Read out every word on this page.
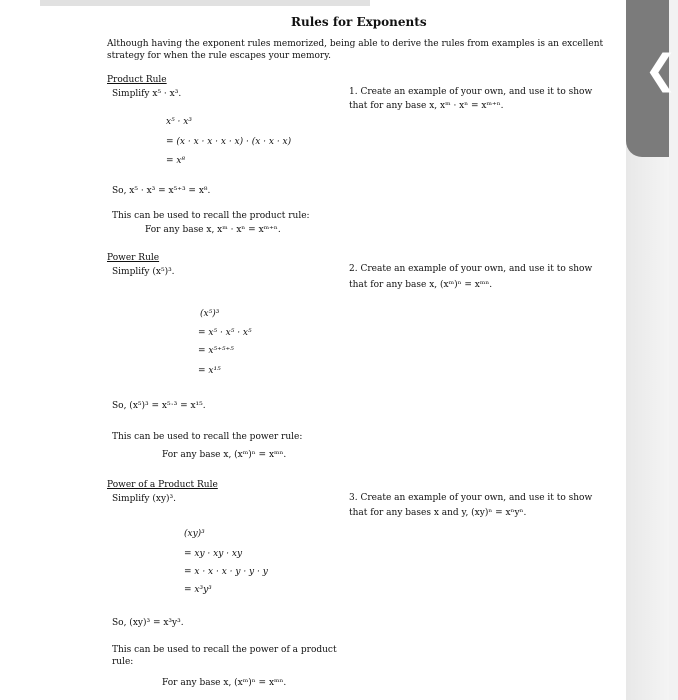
Rules for Exponents
Although having the exponent rules memorized, being able to derive the rules from examples is an excellent
strategy for when the rule escapes your memory.
Product Rule
Simplify x⁵ · x³.
x⁵ · x³
= (x · x · x · x · x) · (x · x · x)
= x⁸
So, x⁵ · x³ = x⁵⁺³ = x⁸.
This can be used to recall the product rule:
For any base x, xᵐ · xⁿ = xᵐ⁺ⁿ.
1. Create an example of your own, and use it to show
that for any base x, xᵐ · xⁿ = xᵐ⁺ⁿ.
Power Rule
Simplify (x⁵)³.
(x⁵)³
= x⁵ · x⁵ · x⁵
= x⁵⁺⁵⁺⁵
= x¹⁵
So, (x⁵)³ = x⁵ˑ³ = x¹⁵.
This can be used to recall the power rule:
For any base x, (xᵐ)ⁿ = xᵐⁿ.
2. Create an example of your own, and use it to show
that for any base x, (xᵐ)ⁿ = xᵐⁿ.
Power of a Product Rule
Simplify (xy)³.
(xy)³
= xy · xy · xy
= x · x · x · y · y · y
= x³y³
So, (xy)³ = x³y³.
This can be used to recall the power of a product
rule:
For any base x, (xᵐ)ⁿ = xᵐⁿ.
3. Create an example of your own, and use it to show
that for any bases x and y, (xy)ⁿ = xⁿyⁿ.
❮
